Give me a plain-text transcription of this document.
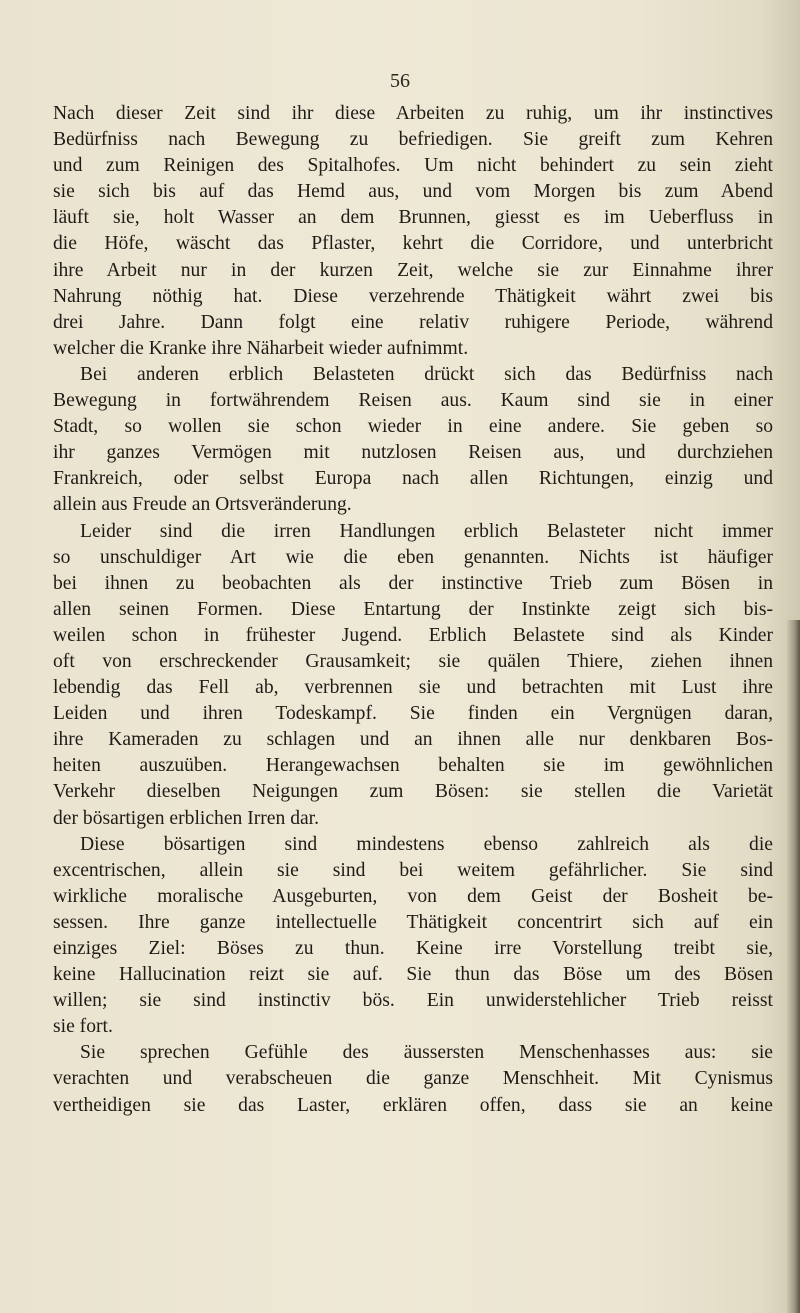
56
Nach dieser Zeit sind ihr diese Arbeiten zu ruhig, um ihr instinctives
Bedürfniss nach Bewegung zu befriedigen. Sie greift zum Kehren
und zum Reinigen des Spitalhofes. Um nicht behindert zu sein zieht
sie sich bis auf das Hemd aus, und vom Morgen bis zum Abend
läuft sie, holt Wasser an dem Brunnen, giesst es im Ueberfluss in
die Höfe, wäscht das Pflaster, kehrt die Corridore, und unterbricht
ihre Arbeit nur in der kurzen Zeit, welche sie zur Einnahme ihrer
Nahrung nöthig hat. Diese verzehrende Thätigkeit währt zwei bis
drei Jahre. Dann folgt eine relativ ruhigere Periode, während
welcher die Kranke ihre Näharbeit wieder aufnimmt.
Bei anderen erblich Belasteten drückt sich das Bedürfniss nach
Bewegung in fortwährendem Reisen aus. Kaum sind sie in einer
Stadt, so wollen sie schon wieder in eine andere. Sie geben so
ihr ganzes Vermögen mit nutzlosen Reisen aus, und durchziehen
Frankreich, oder selbst Europa nach allen Richtungen, einzig und
allein aus Freude an Ortsveränderung.
Leider sind die irren Handlungen erblich Belasteter nicht immer
so unschuldiger Art wie die eben genannten. Nichts ist häufiger
bei ihnen zu beobachten als der instinctive Trieb zum Bösen in
allen seinen Formen. Diese Entartung der Instinkte zeigt sich bis-
weilen schon in frühester Jugend. Erblich Belastete sind als Kinder
oft von erschreckender Grausamkeit; sie quälen Thiere, ziehen ihnen
lebendig das Fell ab, verbrennen sie und betrachten mit Lust ihre
Leiden und ihren Todeskampf. Sie finden ein Vergnügen daran,
ihre Kameraden zu schlagen und an ihnen alle nur denkbaren Bos-
heiten auszuüben. Herangewachsen behalten sie im gewöhnlichen
Verkehr dieselben Neigungen zum Bösen: sie stellen die Varietät
der bösartigen erblichen Irren dar.
Diese bösartigen sind mindestens ebenso zahlreich als die
excentrischen, allein sie sind bei weitem gefährlicher. Sie sind
wirkliche moralische Ausgeburten, von dem Geist der Bosheit be-
sessen. Ihre ganze intellectuelle Thätigkeit concentrirt sich auf ein
einziges Ziel: Böses zu thun. Keine irre Vorstellung treibt sie,
keine Hallucination reizt sie auf. Sie thun das Böse um des Bösen
willen; sie sind instinctiv bös. Ein unwiderstehlicher Trieb reisst
sie fort.
Sie sprechen Gefühle des äussersten Menschenhasses aus: sie
verachten und verabscheuen die ganze Menschheit. Mit Cynismus
vertheidigen sie das Laster, erklären offen, dass sie an keine
